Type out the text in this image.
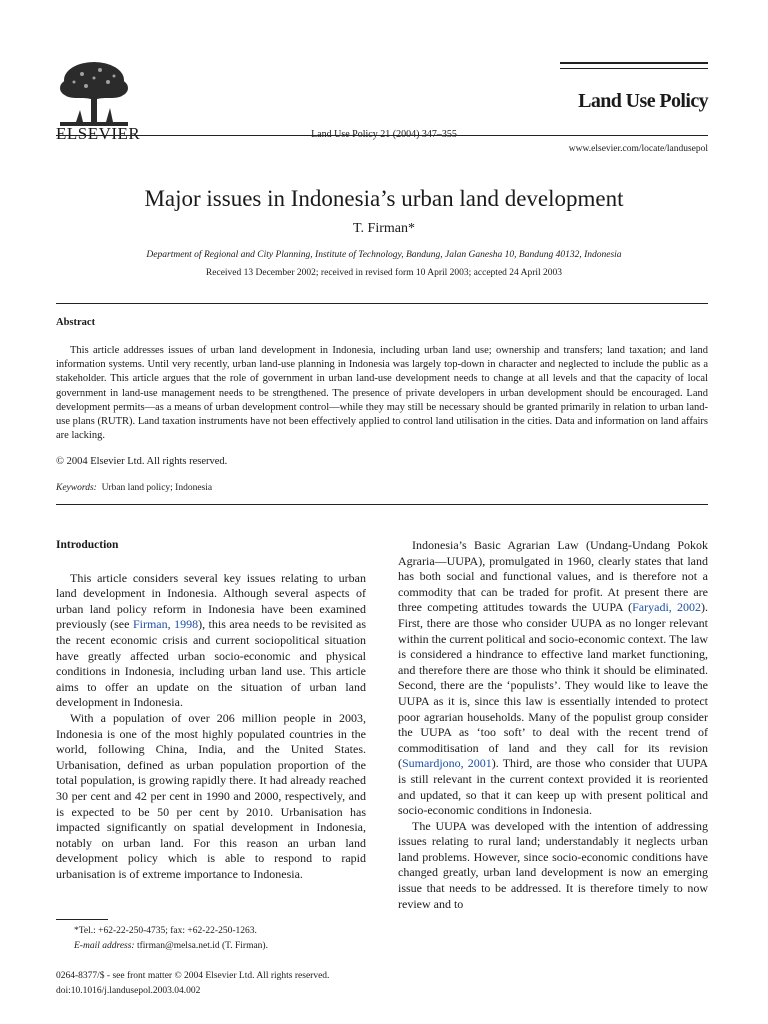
ELSEVIER	Land Use Policy 21 (2004) 347–355
Land Use Policy
www.elsevier.com/locate/landusepol
Major issues in Indonesia’s urban land development
T. Firman*
Department of Regional and City Planning, Institute of Technology, Bandung, Jalan Ganesha 10, Bandung 40132, Indonesia
Received 13 December 2002; received in revised form 10 April 2003; accepted 24 April 2003
Abstract

This article addresses issues of urban land development in Indonesia, including urban land use; ownership and transfers; land taxation; and land information systems. Until very recently, urban land-use planning in Indonesia was largely top-down in character and neglected to include the public as a stakeholder. This article argues that the role of government in urban land-use development needs to change at all levels and that the capacity of local government in land-use management needs to be strengthened. The presence of private developers in urban development should be encouraged. Land development permits—as a means of urban development control—while they may still be necessary should be granted primarily in relation to urban land-use plans (RUTR). Land taxation instruments have not been effectively applied to control land utilisation in the cities. Data and information on land affairs are lacking.

© 2004 Elsevier Ltd. All rights reserved.
Keywords: Urban land policy; Indonesia

Introduction

This article considers several key issues relating to urban land development in Indonesia. Although several aspects of urban land policy reform in Indonesia have been examined previously (see Firman, 1998), this area needs to be revisited as the recent economic crisis and current sociopolitical situation have greatly affected urban socio-economic and physical conditions in Indonesia, including urban land use. This article aims to offer an update on the situation of urban land development in Indonesia.

With a population of over 206 million people in 2003, Indonesia is one of the most highly populated countries in the world, following China, India, and the United States. Urbanisation, defined as urban population proportion of the total population, is growing rapidly there. It had already reached 30 per cent and 42 per cent in 1990 and 2000, respectively, and is expected to be 50 per cent by 2010. Urbanisation has impacted significantly on spatial development in Indonesia, notably on urban land. For this reason an urban land development policy which is able to respond to rapid urbanisation is of extreme importance to Indonesia.

Indonesia’s Basic Agrarian Law (Undang-Undang Pokok Agraria—UUPA), promulgated in 1960, clearly states that land has both social and functional values, and is therefore not a commodity that can be traded for profit. At present there are three competing attitudes towards the UUPA (Faryadi, 2002). First, there are those who consider UUPA as no longer relevant within the current political and socio-economic context. The law is considered a hindrance to effective land market functioning, and therefore there are those who think it should be eliminated. Second, there are the ‘populists’. They would like to leave the UUPA as it is, since this law is essentially intended to protect poor agrarian households. Many of the populist group consider the UUPA as ‘too soft’ to deal with the recent trend of commoditisation of land and they call for its revision (Sumardjono, 2001). Third, are those who consider that UUPA is still relevant in the current context provided it is reoriented and updated, so that it can keep up with present political and socio-economic conditions in Indonesia.

The UUPA was developed with the intention of addressing issues relating to rural land; understandably it neglects urban land problems. However, since socio-economic conditions have changed greatly, urban land development is now an emerging issue that needs to be addressed. It is therefore timely to now review and to

*Tel.: +62-22-250-4735; fax: +62-22-250-1263.
E-mail address: tfirman@melsa.net.id (T. Firman).
0264-8377/$ - see front matter © 2004 Elsevier Ltd. All rights reserved.
doi:10.1016/j.landusepol.2003.04.002
